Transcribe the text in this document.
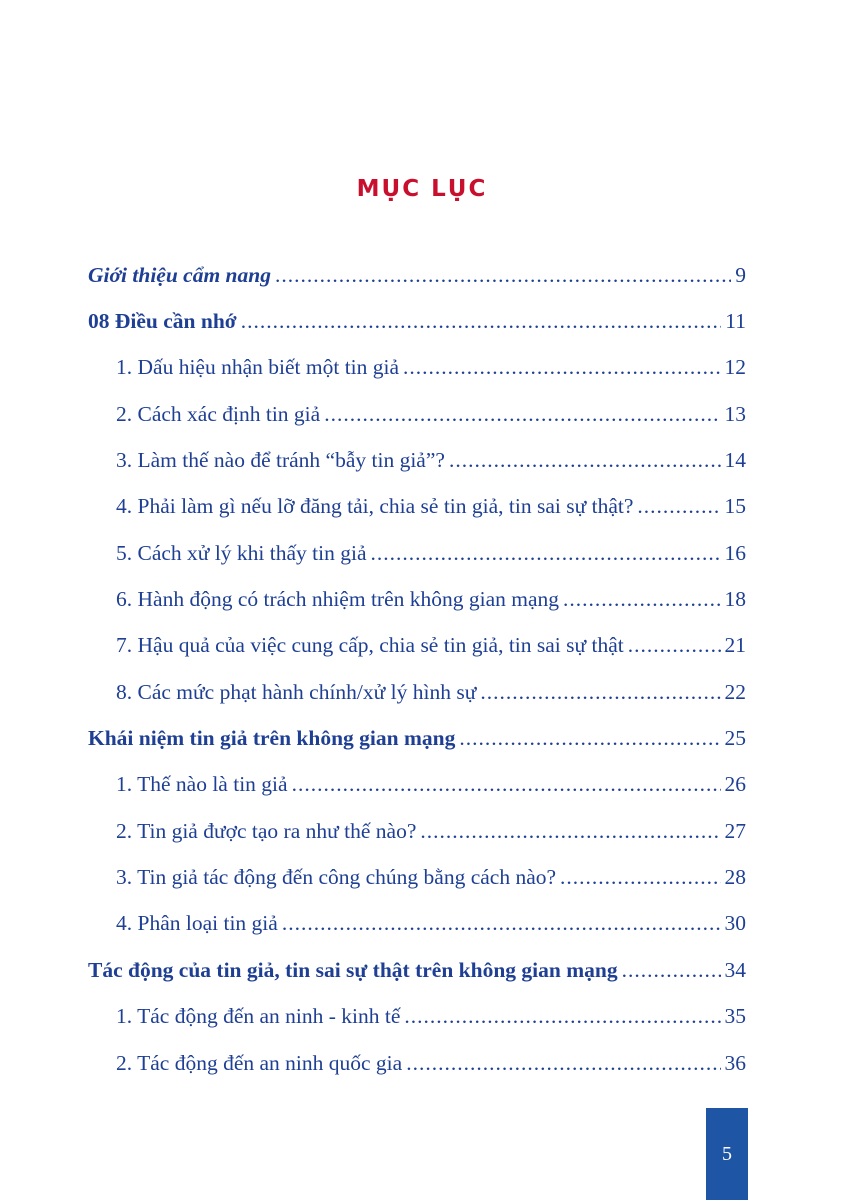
MỤC LỤC
Giới thiệu cẩm nang .....	9
08 Điều cần nhớ .....	11
1. Dấu hiệu nhận biết một tin giả .....	12
2. Cách xác định tin giả .....	13
3. Làm thế nào để tránh “bẫy tin giả”? .....	14
4. Phải làm gì nếu lỡ đăng tải, chia sẻ tin giả, tin sai sự thật? .....	15
5. Cách xử lý khi thấy tin giả .....	16
6. Hành động có trách nhiệm trên không gian mạng .....	18
7. Hậu quả của việc cung cấp, chia sẻ tin giả, tin sai sự thật .....	21
8. Các mức phạt hành chính/xử lý hình sự .....	22
Khái niệm tin giả trên không gian mạng .....	25
1. Thế nào là tin giả .....	26
2. Tin giả được tạo ra như thế nào? .....	27
3. Tin giả tác động đến công chúng bằng cách nào? .....	28
4. Phân loại tin giả .....	30
Tác động của tin giả, tin sai sự thật trên không gian mạng .....	34
1. Tác động đến an ninh - kinh tế .....	35
2. Tác động đến an ninh quốc gia .....	36
5
